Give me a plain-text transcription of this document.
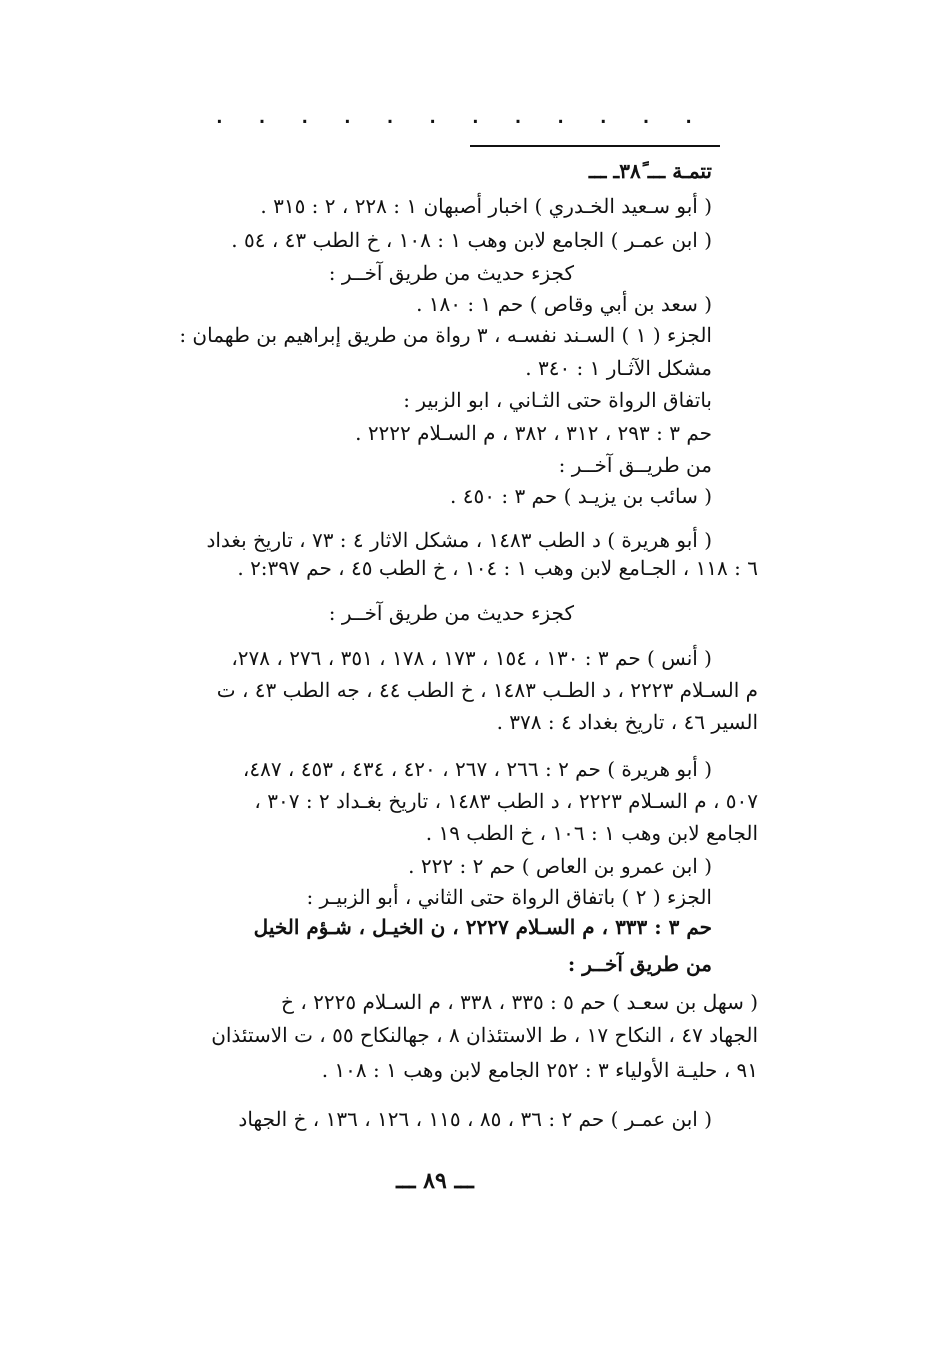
٠ ٠ ٠ ٠ ٠ ٠ ٠ ٠ ٠ ٠ ٠ ٠
تتمـة ـــ ٣٨ًـ ـــ
( أبو سـعيد الخـدري ) اخبار أصبهان ١ : ٢٢٨ ، ٢ : ٣١٥ .
( ابن عمـر ) الجامع لابن وهب ١ : ١٠٨ ، خ الطب ٤٣ ، ٥٤ .
كجزء حديث من طريق آخــر :
( سعد بن أبي وقاص ) حم ١ : ١٨٠ .
الجزء ( ١ ) السـند نفسـه ، ٣ رواة من طريق إبراهيم بن طهمان :
مشكل الآثـار ١ : ٣٤٠ .
باتفاق الرواة حتى الثـاني ، ابو الزبير :
حم ٣ : ٢٩٣ ، ٣١٢ ، ٣٨٢ ، م السـلام ٢٢٢٢ .
من طريــق آخــر :
( سائب بن يزيـد ) حم ٣ : ٤٥٠ .
( أبو هريرة ) د الطب ١٤٨٣ ، مشكل الاثار ٤ : ٧٣ ، تاريخ بغداد
٦ : ١١٨ ، الجـامع لابن وهب ١ : ١٠٤ ، خ الطب ٤٥ ، حم ٢:٣٩٧ .
كجزء حديث من طريق آخــر :
( أنس ) حم ٣ : ١٣٠ ، ١٥٤ ، ١٧٣ ، ١٧٨ ، ٣٥١ ، ٢٧٦ ، ٢٧٨،
م السـلام ٢٢٢٣ ، د الطـب ١٤٨٣ ، خ الطب ٤٤ ، جه الطب ٤٣ ، ت
السير ٤٦ ، تاريخ بغداد ٤ : ٣٧٨ .
( أبو هريرة ) حم ٢ : ٢٦٦ ، ٢٦٧ ، ٤٢٠ ، ٤٣٤ ، ٤٥٣ ، ٤٨٧،
٥٠٧ ، م السـلام ٢٢٢٣ ، د الطب ١٤٨٣ ، تاريخ بغـداد ٢ : ٣٠٧ ،
الجامع لابن وهب ١ : ١٠٦ ، خ الطب ١٩ .
( ابن عمرو بن العاص ) حم ٢ : ٢٢٢ .
الجزء ( ٢ ) باتفاق الرواة حتى الثاني ، أبو الزبيـر :
حم ٣ : ٣٣٣ ، م السـلام ٢٢٢٧ ، ن الخيـل ، شـؤم الخيل
من طريق آخــر :
( سهل بن سعـد ) حم ٥ : ٣٣٥ ، ٣٣٨ ، م السـلام ٢٢٢٥ ، خ
الجهاد ٤٧ ، النكاح ١٧ ، ط الاستئذان ٨ ، جهالنكاح ٥٥ ، ت الاستئذان
٩١ ، حليـة الأولياء ٣ : ٢٥٢ الجامع لابن وهب ١ : ١٠٨ .
( ابن عمـر ) حم ٢ : ٣٦ ، ٨٥ ، ١١٥ ، ١٢٦ ، ١٣٦ ، خ الجهاد
ـــ ٨٩ ـــ
